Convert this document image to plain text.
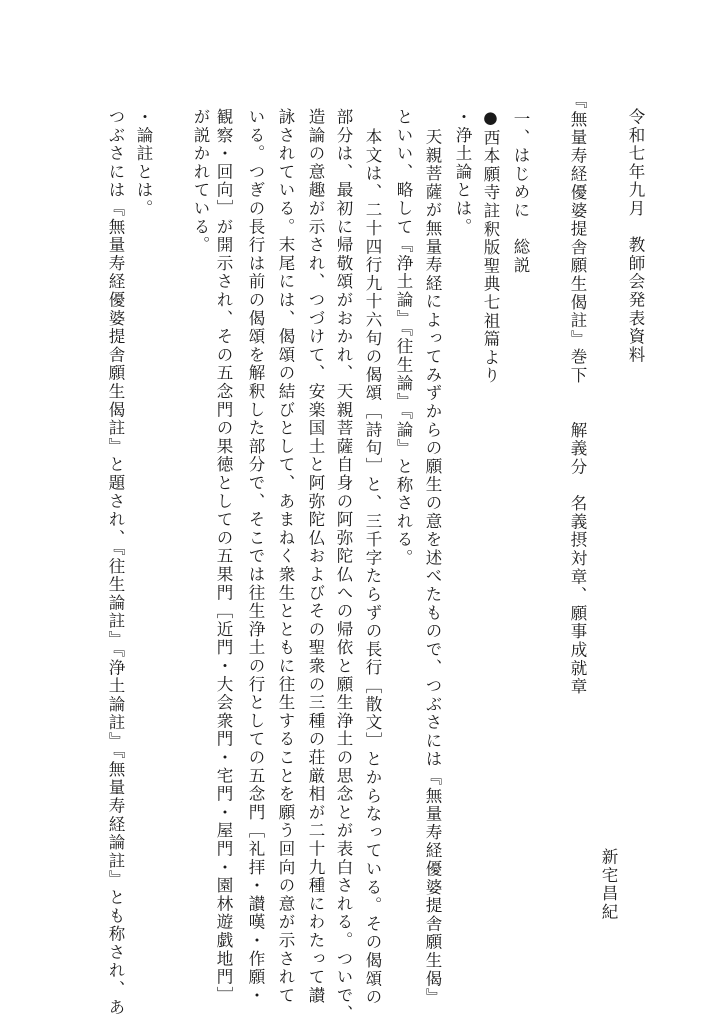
令和七年九月　教師会発表資料
『無量寿経優婆提舎願生偈註』巻下　　解義分　名義摂対章、願事成就章
新宅昌紀
一、はじめに　総説
●西本願寺註釈版聖典七祖篇より
・浄土論とは。
天親菩薩が無量寿経によってみずからの願生の意を述べたもので、つぶさには『無量寿経優婆提舎願生偈』
といい、略して『浄土論』『往生論』『論』と称される。
本文は、二十四行九十六句の偈頌［詩句］と、三千字たらずの長行［散文］とからなっている。その偈頌の
部分は、最初に帰敬頌がおかれ、天親菩薩自身の阿弥陀仏への帰依と願生浄土の思念とが表白される。ついで、
造論の意趣が示され、つづけて、安楽国土と阿弥陀仏およびその聖衆の三種の荘厳相が二十九種にわたって讃
詠されている。末尾には、偈頌の結びとして、あまねく衆生とともに往生することを願う回向の意が示されて
いる。つぎの長行は前の偈頌を解釈した部分で、そこでは往生浄土の行としての五念門［礼拝・讃嘆・作願・
観察・回向］が開示され、その五念門の果徳としての五果門［近門・大会衆門・宅門・屋門・園林遊戯地門］
が説かれている。
・論註とは。
つぶさには『無量寿経優婆提舎願生偈註』と題され、『往生論註』『浄土論註』『無量寿経論註』とも称され、あ
